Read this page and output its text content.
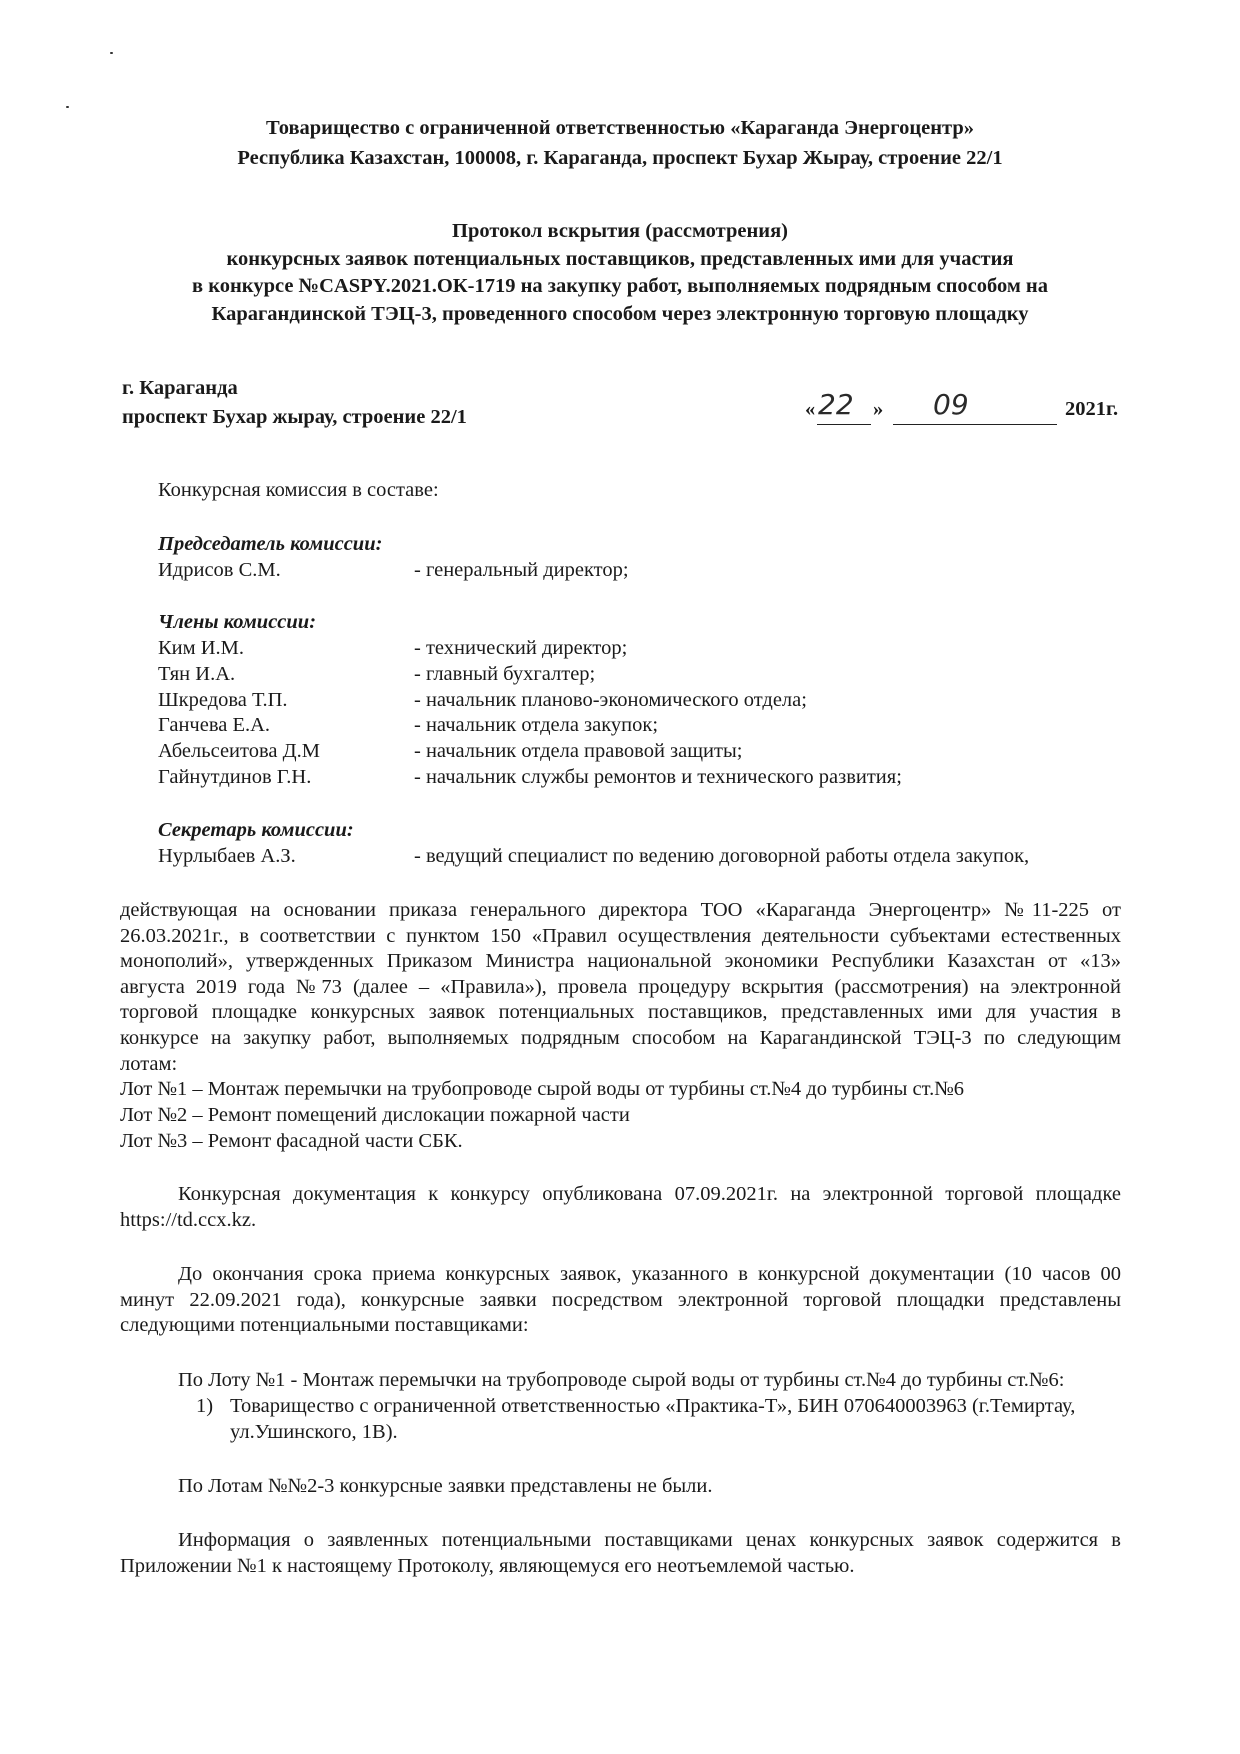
Товарищество с ограниченной ответственностью «Караганда Энергоцентр»
Республика Казахстан, 100008, г. Караганда, проспект Бухар Жырау, строение 22/1
Протокол вскрытия (рассмотрения)
конкурсных заявок потенциальных поставщиков, представленных ими для участия
в конкурсе №CASPY.2021.ОК-1719 на закупку работ, выполняемых подрядным способом на
Карагандинской ТЭЦ-3, проведенного способом через электронную торговую площадку
г. Караганда
проспект Бухар жырау, строение 22/1	« 22 » 09	2021г.
Конкурсная комиссия в составе:
Председатель комиссии:
Идрисов С.М.	- генеральный директор;
Члены комиссии:
Ким И.М.	- технический директор;
Тян И.А.	- главный бухгалтер;
Шкредова Т.П.	- начальник планово-экономического отдела;
Ганчева Е.А.	- начальник отдела закупок;
Абельсеитова Д.М	- начальник отдела правовой защиты;
Гайнутдинов Г.Н.	- начальник службы ремонтов и технического развития;
Секретарь комиссии:
Нурлыбаев А.З.	- ведущий специалист по ведению договорной работы отдела закупок,
действующая на основании приказа генерального директора ТОО «Караганда Энергоцентр» №11-225 от
26.03.2021г., в соответствии с пунктом 150 «Правил осуществления деятельности субъектами естественных
монополий», утвержденных Приказом Министра национальной экономики Республики Казахстан от «13»
августа 2019 года №73 (далее – «Правила»), провела процедуру вскрытия (рассмотрения) на электронной
торговой площадке конкурсных заявок потенциальных поставщиков, представленных ими для участия в
конкурсе на закупку работ, выполняемых подрядным способом на Карагандинской ТЭЦ-3 по следующим
лотам:
Лот №1 – Монтаж перемычки на трубопроводе сырой воды от турбины ст.№4 до турбины ст.№6
Лот №2 – Ремонт помещений дислокации пожарной части
Лот №3 – Ремонт фасадной части СБК.
Конкурсная документация к конкурсу опубликована 07.09.2021г. на электронной торговой площадке
https://td.ccx.kz.
До окончания срока приема конкурсных заявок, указанного в конкурсной документации (10 часов 00
минут 22.09.2021 года), конкурсные заявки посредством электронной торговой площадки представлены
следующими потенциальными поставщиками:
По Лоту №1 - Монтаж перемычки на трубопроводе сырой воды от турбины ст.№4 до турбины ст.№6:
1) Товарищество с ограниченной ответственностью «Практика-Т», БИН 070640003963 (г.Темиртау,
ул.Ушинского, 1В).
По Лотам №№2-3 конкурсные заявки представлены не были.
Информация о заявленных потенциальными поставщиками ценах конкурсных заявок содержится в
Приложении №1 к настоящему Протоколу, являющемуся его неотъемлемой частью.
